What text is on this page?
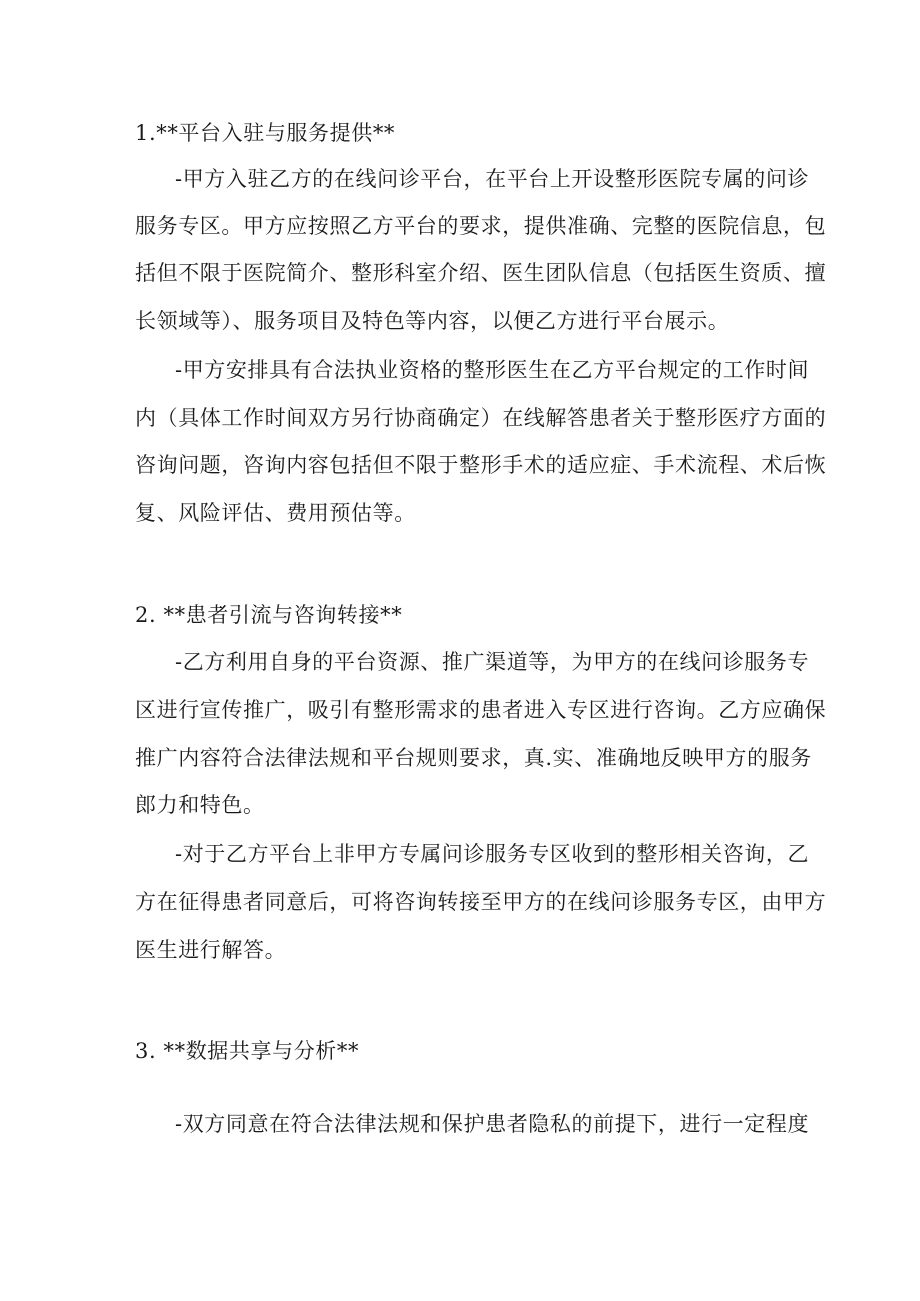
1.**平台入驻与服务提供**
-甲方入驻乙方的在线问诊平台，在平台上开设整形医院专属的问诊
服务专区。甲方应按照乙方平台的要求，提供准确、完整的医院信息，包
括但不限于医院简介、整形科室介绍、医生团队信息（包括医生资质、擅
长领域等）、服务项目及特色等内容，以便乙方进行平台展示。
-甲方安排具有合法执业资格的整形医生在乙方平台规定的工作时间
内（具体工作时间双方另行协商确定）在线解答患者关于整形医疗方面的
咨询问题，咨询内容包括但不限于整形手术的适应症、手术流程、术后恢
复、风险评估、费用预估等。
2. **患者引流与咨询转接**
-乙方利用自身的平台资源、推广渠道等，为甲方的在线问诊服务专
区进行宣传推广，吸引有整形需求的患者进入专区进行咨询。乙方应确保
推广内容符合法律法规和平台规则要求，真.实、准确地反映甲方的服务
郎力和特色。
-对于乙方平台上非甲方专属问诊服务专区收到的整形相关咨询，乙
方在征得患者同意后，可将咨询转接至甲方的在线问诊服务专区，由甲方
医生进行解答。
3. **数据共享与分析**
-双方同意在符合法律法规和保护患者隐私的前提下，进行一定程度
